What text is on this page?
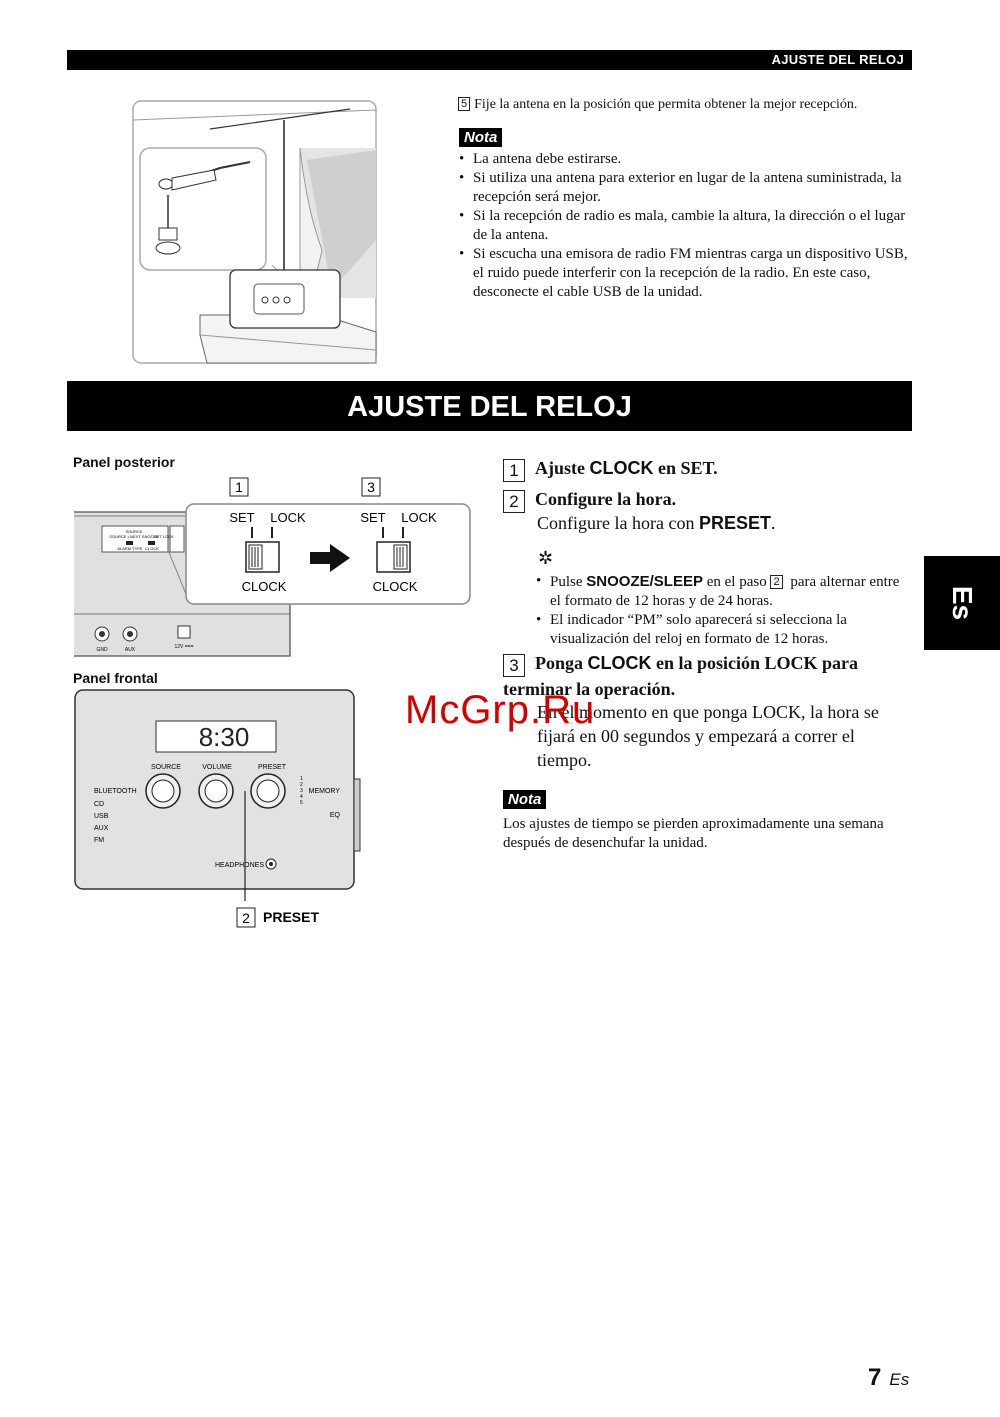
AJUSTE DEL RELOJ
5 Fije la antena en la posición que permita obtener la mejor recepción.
Nota
• La antena debe estirarse.
• Si utiliza una antena para exterior en lugar de la antena suministrada, la recepción será mejor.
• Si la recepción de radio es mala, cambie la altura, la dirección o el lugar de la antena.
• Si escucha una emisora de radio FM mientras carga un dispositivo USB, el ruido puede interferir con la recepción de la radio. En este caso, desconecte el cable USB de la unidad.
AJUSTE DEL RELOJ
Panel posterior
SOURCE
SOURCE • NEXT SNOOZE
ALARM TYPE
SET LOCK
CLOCK
GND	AUX	12V ===
1	3
SET LOCK
CLOCK
SET LOCK
CLOCK
Panel frontal
8:30
SOURCE	VOLUME	PRESET
1
2
3
4
5
BLUETOOTH
CD
USB
AUX
FM
MEMORY
EQ
HEADPHONES
2 PRESET
1 Ajuste CLOCK en SET.
2 Configure la hora.
Configure la hora con PRESET.
✲
• Pulse SNOOZE/SLEEP en el paso 2 para alternar entre el formato de 12 horas y de 24 horas.
• El indicador “PM” solo aparecerá si selecciona la visualización del reloj en formato de 12 horas.
3 Ponga CLOCK en la posición LOCK para terminar la operación.
En el momento en que ponga LOCK, la hora se fijará en 00 segundos y empezará a correr el tiempo.
Nota
Los ajustes de tiempo se pierden aproximadamente una semana después de desenchufar la unidad.
McGrp.Ru
Es
7 Es
